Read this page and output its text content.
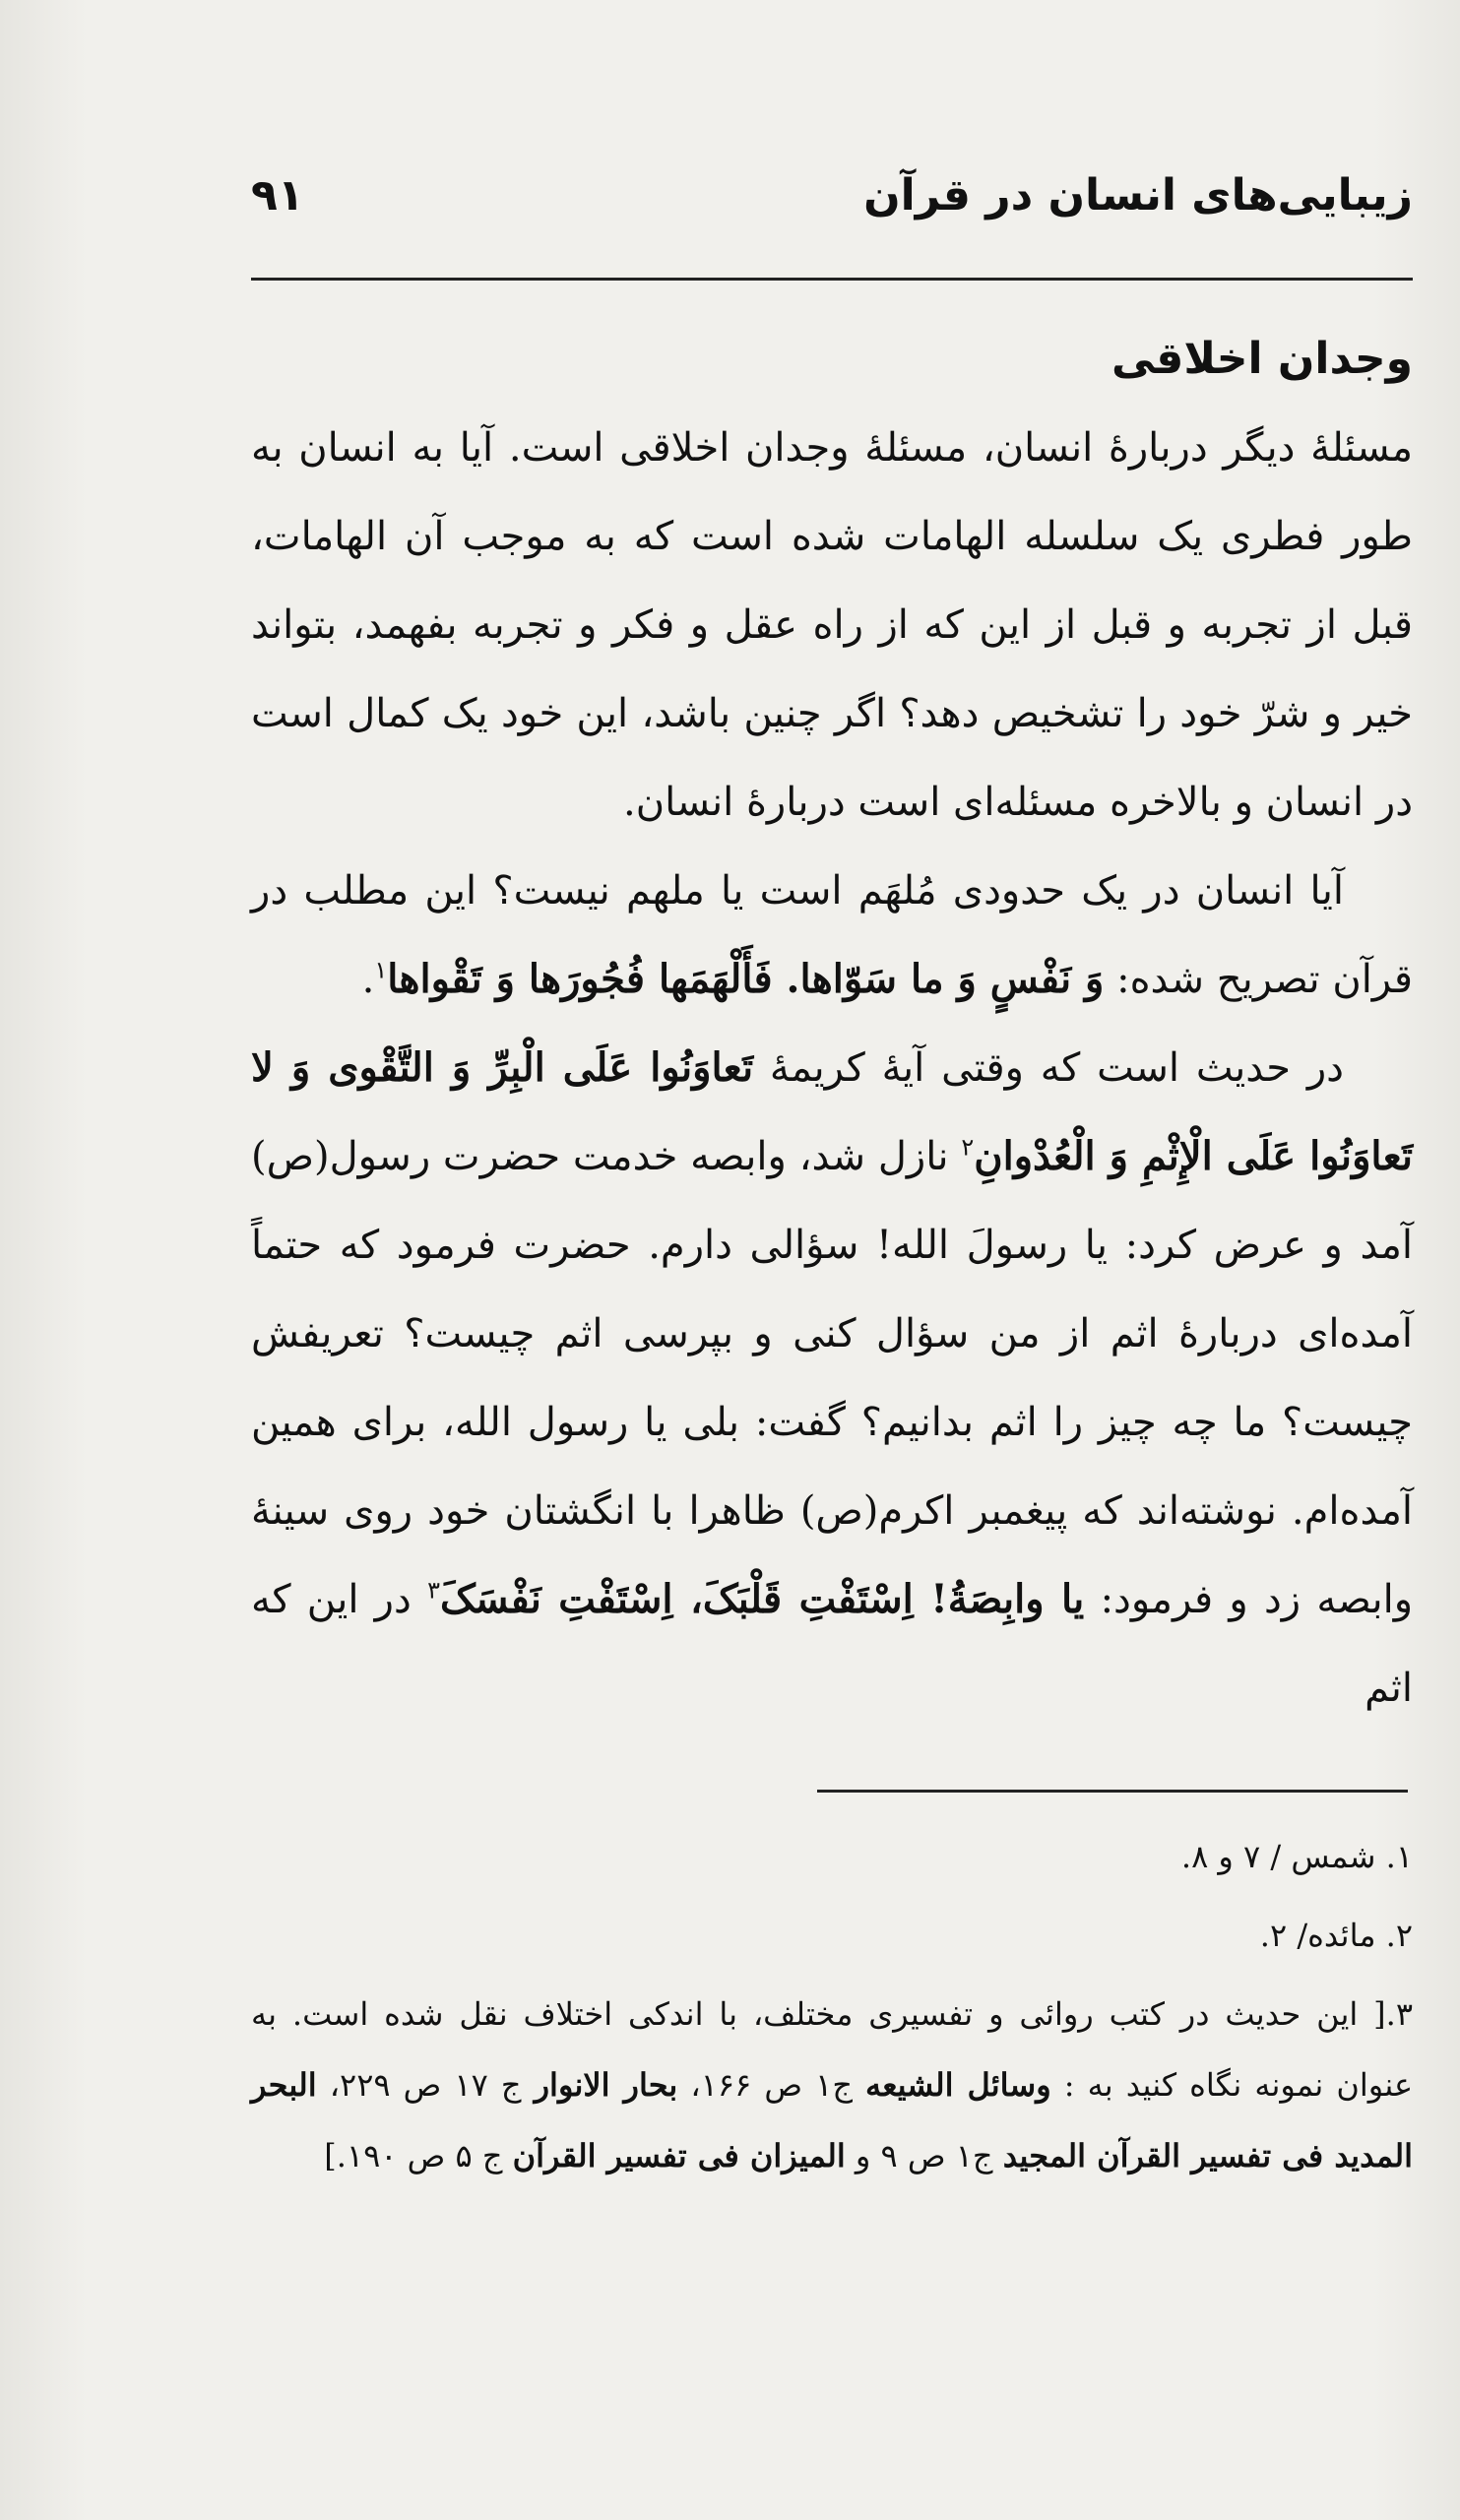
زیبایی‌های انسان در قرآن
۹۱

وجدان اخلاقی

مسئلهٔ دیگر دربارهٔ انسان، مسئلهٔ وجدان اخلاقی است. آیا به انسان به طور فطری یک سلسله الهامات شده است که به موجب آن الهامات، قبل از تجربه و قبل از این که از راه عقل و فکر و تجربه بفهمد، بتواند خیر و شرّ خود را تشخیص دهد؟ اگر چنین باشد، این خود یک کمال است در انسان و بالاخره مسئله‌ای است دربارهٔ انسان.

آیا انسان در یک حدودی مُلهَم است یا ملهم نیست؟ این مطلب در قرآن تصریح شده: وَ نَفْسٍ وَ ما سَوّاها. فَأَلْهَمَها فُجُورَها وَ تَقْواها$^۱$.

در حدیث است که وقتی آیهٔ کریمهٔ تَعاوَنُوا عَلَی الْبِرِّ وَ التَّقْوی وَ لا تَعاوَنُوا عَلَی الْإِثْمِ وَ الْعُدْوانِ$^۲$ نازل شد، وابصه خدمت حضرت رسول(ص) آمد و عرض کرد: یا رسولَ الله! سؤالی دارم. حضرت فرمود که حتماً آمده‌ای دربارهٔ اثم از من سؤال کنی و بپرسی اثم چیست؟ تعریفش چیست؟ ما چه چیز را اثم بدانیم؟ گفت: بلی یا رسول الله، برای همین آمده‌ام. نوشته‌اند که پیغمبر اکرم(ص) ظاهرا با انگشتان خود روی سینهٔ وابصه زد و فرمود: یا وابِصَةُ! اِسْتَفْتِ قَلْبَکَ، اِسْتَفْتِ نَفْسَکَ$^۳$ در این که اثم

۱. شمس / ۷ و ۸.

۲. مائده/ ۲.

۳.[ این حدیث در کتب روائی و تفسیری مختلف، با اندکی اختلاف نقل شده است. به عنوان نمونه نگاه کنید به : وسائل الشیعه ج۱ ص ۱۶۶، بحار الانوار ج ۱۷ ص ۲۲۹، البحر المدید فی تفسیر القرآن المجید ج۱ ص ۹ و المیزان فی تفسیر القرآن ج ۵ ص ۱۹۰.]
